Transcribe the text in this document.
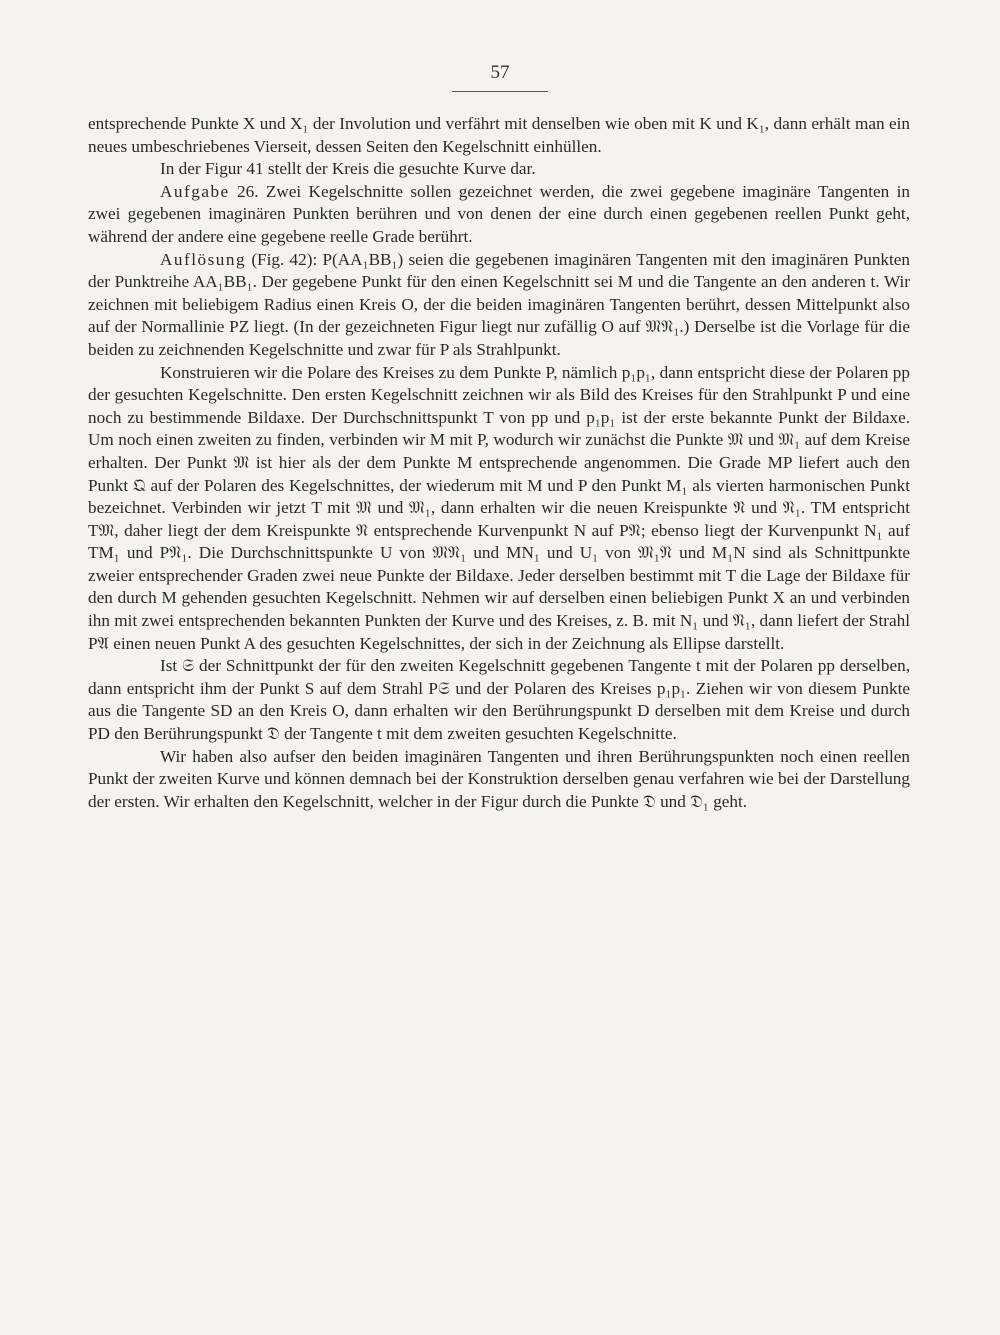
57

entsprechende Punkte X und X₁ der Involution und verfährt mit denselben wie oben mit K und K₁, dann erhält man ein neues umbeschriebenes Vierseit, dessen Seiten den Kegelschnitt einhüllen.

In der Figur 41 stellt der Kreis die gesuchte Kurve dar.

Aufgabe 26. Zwei Kegelschnitte sollen gezeichnet werden, die zwei gegebene imaginäre Tangenten in zwei gegebenen imaginären Punkten berühren und von denen der eine durch einen gegebenen reellen Punkt geht, während der andere eine gegebene reelle Grade berührt.

Auflösung (Fig. 42): P(AA₁BB₁) seien die gegebenen imaginären Tangenten mit den imaginären Punkten der Punktreihe AA₁BB₁. Der gegebene Punkt für den einen Kegelschnitt sei M und die Tangente an den anderen t. Wir zeichnen mit beliebigem Radius einen Kreis O, der die beiden imaginären Tangenten berührt, dessen Mittelpunkt also auf der Normallinie PZ liegt. (In der gezeichneten Figur liegt nur zufällig O auf 𝔐𝔑₁.) Derselbe ist die Vorlage für die beiden zu zeichnenden Kegelschnitte und zwar für P als Strahlpunkt.

Konstruieren wir die Polare des Kreises zu dem Punkte P, nämlich p₁p₁, dann entspricht diese der Polaren pp der gesuchten Kegelschnitte. Den ersten Kegelschnitt zeichnen wir als Bild des Kreises für den Strahlpunkt P und eine noch zu bestimmende Bildaxe. Der Durchschnittspunkt T von pp und p₁p₁ ist der erste bekannte Punkt der Bildaxe. Um noch einen zweiten zu finden, verbinden wir M mit P, wodurch wir zunächst die Punkte 𝔐 und 𝔐₁ auf dem Kreise erhalten. Der Punkt 𝔐 ist hier als der dem Punkte M entsprechende angenommen. Die Grade MP liefert auch den Punkt 𝔔 auf der Polaren des Kegelschnittes, der wiederum mit M und P den Punkt M₁ als vierten harmonischen Punkt bezeichnet. Verbinden wir jetzt T mit 𝔐 und 𝔐₁, dann erhalten wir die neuen Kreispunkte 𝔑 und 𝔑₁. TM entspricht T𝔐, daher liegt der dem Kreispunkte 𝔑 entsprechende Kurvenpunkt N auf P𝔑; ebenso liegt der Kurvenpunkt N₁ auf TM₁ und P𝔑₁. Die Durchschnittspunkte U von 𝔐𝔑₁ und MN₁ und U₁ von 𝔐₁𝔑 und M₁N sind als Schnittpunkte zweier entsprechender Graden zwei neue Punkte der Bildaxe. Jeder derselben bestimmt mit T die Lage der Bildaxe für den durch M gehenden gesuchten Kegelschnitt. Nehmen wir auf derselben einen beliebigen Punkt X an und verbinden ihn mit zwei entsprechenden bekannten Punkten der Kurve und des Kreises, z. B. mit N₁ und 𝔑₁, dann liefert der Strahl P𝔄 einen neuen Punkt A des gesuchten Kegelschnittes, der sich in der Zeichnung als Ellipse darstellt.

Ist 𝔖 der Schnittpunkt der für den zweiten Kegelschnitt gegebenen Tangente t mit der Polaren pp derselben, dann entspricht ihm der Punkt S auf dem Strahl P𝔖 und der Polaren des Kreises p₁p₁. Ziehen wir von diesem Punkte aus die Tangente SD an den Kreis O, dann erhalten wir den Berührungspunkt D derselben mit dem Kreise und durch PD den Berührungspunkt 𝔇 der Tangente t mit dem zweiten gesuchten Kegelschnitte.

Wir haben also aufser den beiden imaginären Tangenten und ihren Berührungspunkten noch einen reellen Punkt der zweiten Kurve und können demnach bei der Konstruktion derselben genau verfahren wie bei der Darstellung der ersten. Wir erhalten den Kegelschnitt, welcher in der Figur durch die Punkte 𝔇 und 𝔇₁ geht.
